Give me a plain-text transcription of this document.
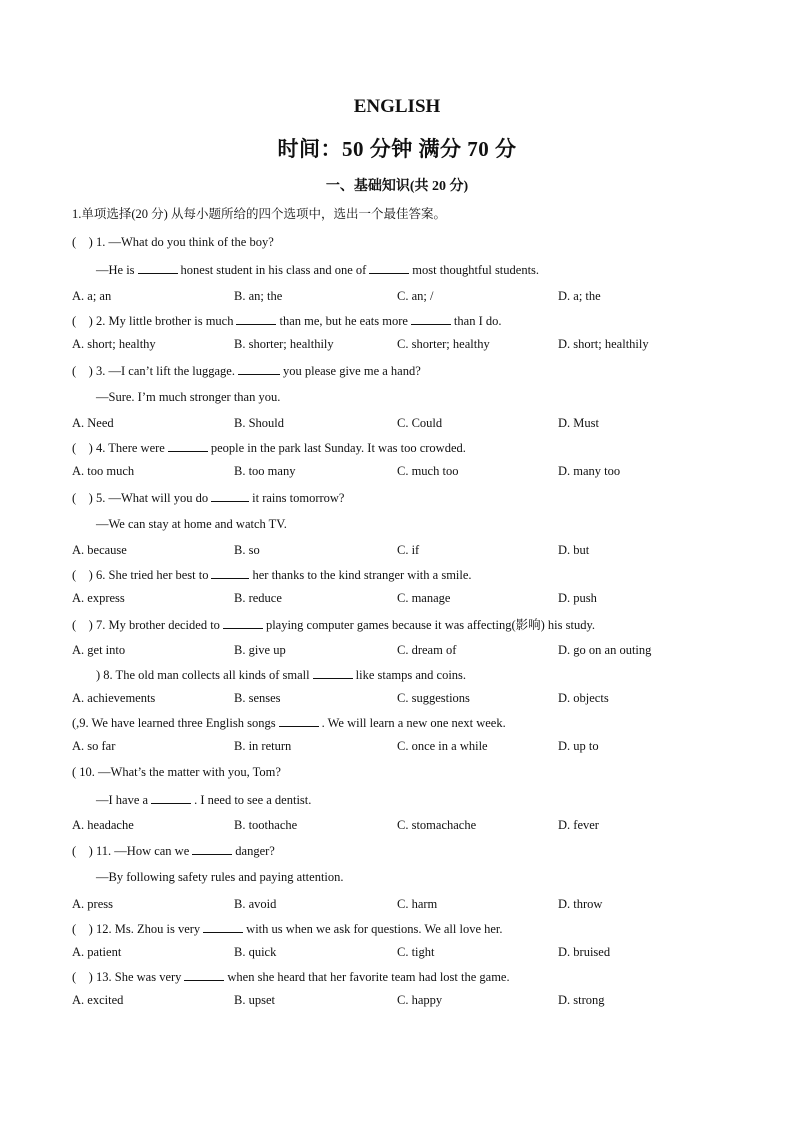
ENGLISH
时间：50 分钟 满分 70 分
一、基础知识(共 20 分)
1.单项选择(20 分) 从每小题所给的四个选项中，选出一个最佳答案。
(　) 1. —What do you think of the boy?
—He is	honest student in his class and one of	most thoughtful students.
A. a; an	B. an; the	C. an; /	D. a; the
(　) 2. My little brother is much	than me, but he eats more	than I do.
A. short; healthy	B. shorter; healthily	C. shorter; healthy	D. short; healthily
(　) 3. —I can’t lift the luggage.	you please give me a hand?
—Sure. I’m much stronger than you.
A. Need	B. Should	C. Could	D. Must
(　) 4. There were	people in the park last Sunday. It was too crowded.
A. too much	B. too many	C. much too	D. many too
(　) 5. —What will you do	it rains tomorrow?
—We can stay at home and watch TV.
A. because	B. so	C. if	D. but
(　) 6. She tried her best to	her thanks to the kind stranger with a smile.
A. express	B. reduce	C. manage	D. push
(　) 7. My brother decided to	playing computer games because it was affecting(影响) his study.
A. get into	B. give up	C. dream of	D. go on an outing
) 8. The old man collects all kinds of small	like stamps and coins.
A. achievements	B. senses	C. suggestions	D. objects
(,9. We have learned three English songs	. We will learn a new one next week.
A. so far	B. in return	C. once in a while	D. up to
( 10. —What’s the matter with you, Tom?
—I have a	. I need to see a dentist.
A. headache	B. toothache	C. stomachache	D. fever
(　) 11. —How can we	danger?
—By following safety rules and paying attention.
A. press	B. avoid	C. harm	D. throw
(　) 12. Ms. Zhou is very	with us when we ask for questions. We all love her.
A. patient	B. quick	C. tight	D. bruised
(　) 13. She was very	when she heard that her favorite team had lost the game.
A. excited	B. upset	C. happy	D. strong
